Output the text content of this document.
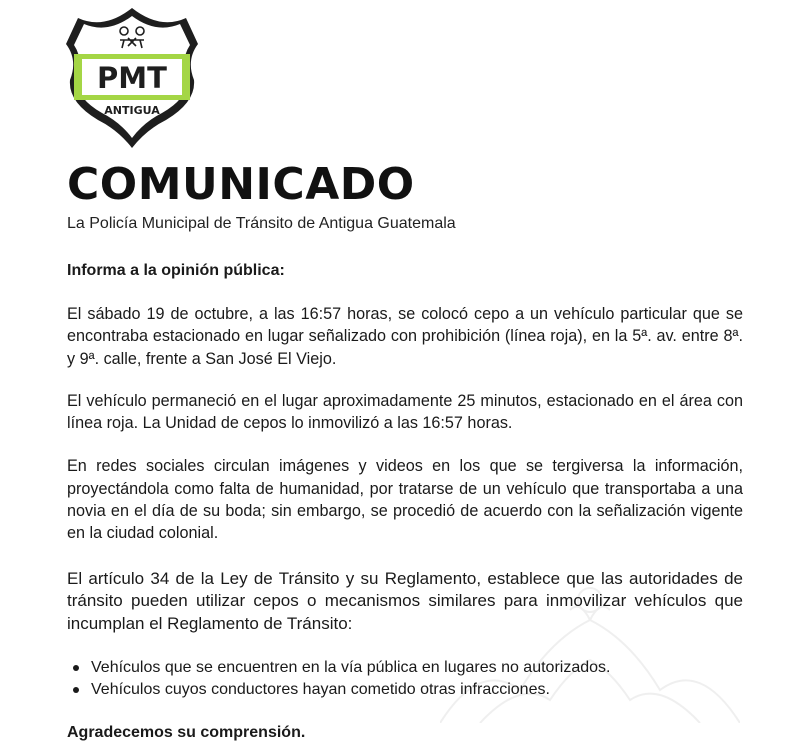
PMT
ANTIGUA
COMUNICADO

La Policía Municipal de Tránsito de Antigua Guatemala

Informa a la opinión pública:

El sábado 19 de octubre, a las 16:57 horas, se colocó cepo a un vehículo particular que se encontraba estacionado en lugar señalizado con prohibición (línea roja), en la 5ª. av. entre 8ª. y 9ª. calle, frente a San José El Viejo.

El vehículo permaneció en el lugar aproximadamente 25 minutos, estacionado en el área con línea roja. La Unidad de cepos lo inmovilizó a las 16:57 horas.

En redes sociales circulan imágenes y videos en los que se tergiversa la información, proyectándola como falta de humanidad, por tratarse de un vehículo que transportaba a una novia en el día de su boda; sin embargo, se procedió de acuerdo con la señalización vigente en la ciudad colonial.

El artículo 34 de la Ley de Tránsito y su Reglamento, establece que las autoridades de tránsito pueden utilizar cepos o mecanismos similares para inmovilizar vehículos que incumplan el Reglamento de Tránsito:

Vehículos que se encuentren en la vía pública en lugares no autorizados.
Vehículos cuyos conductores hayan cometido otras infracciones.

Agradecemos su comprensión.
